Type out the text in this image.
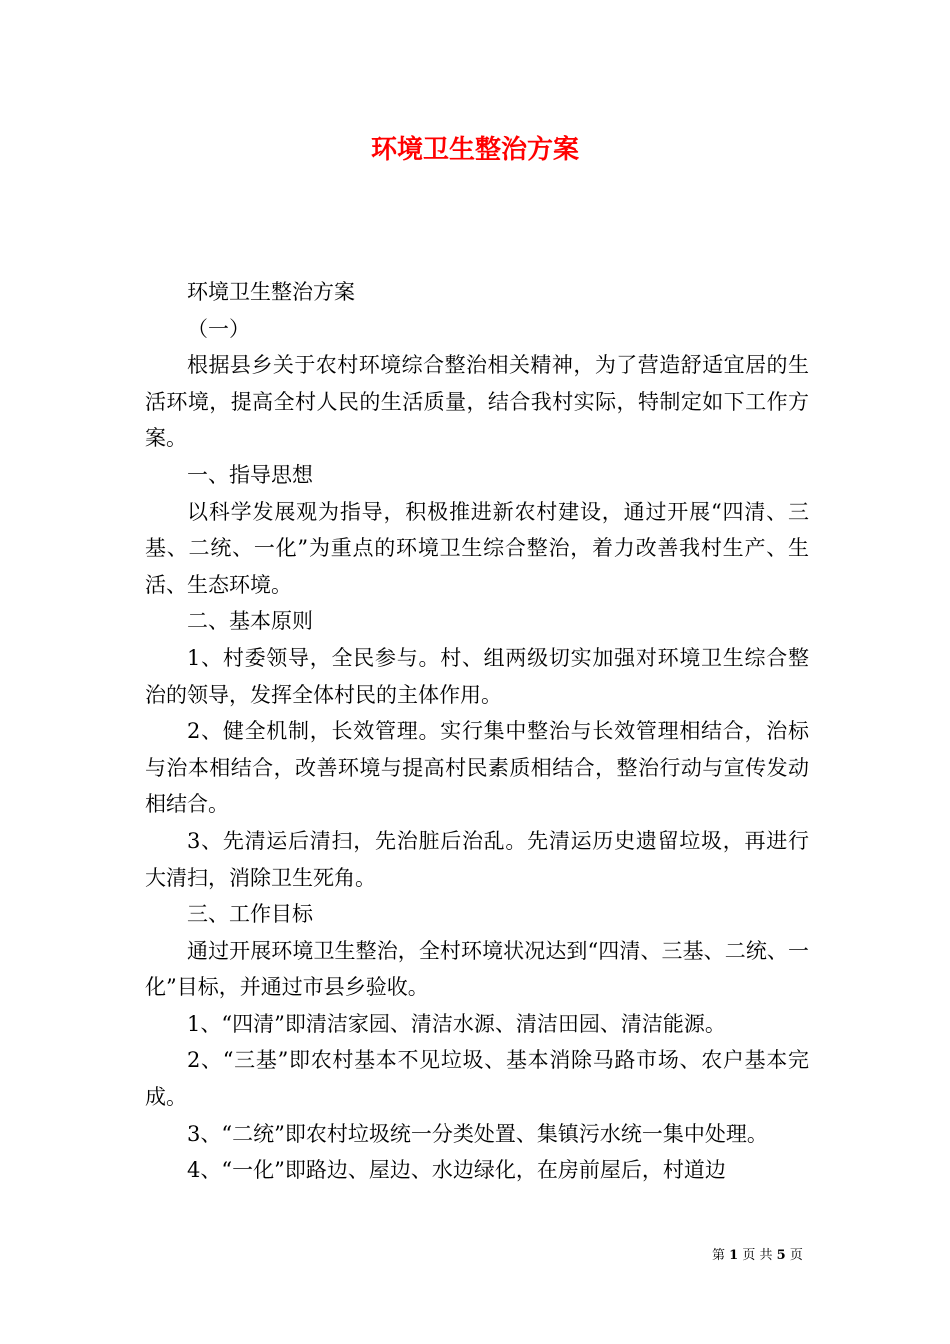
环境卫生整治方案

环境卫生整治方案

（一）

根据县乡关于农村环境综合整治相关精神，为了营造舒适宜居的生活环境，提高全村人民的生活质量，结合我村实际，特制定如下工作方案。

一、指导思想

以科学发展观为指导，积极推进新农村建设，通过开展“四清、三基、二统、一化”为重点的环境卫生综合整治，着力改善我村生产、生活、生态环境。

二、基本原则

1、村委领导，全民参与。村、组两级切实加强对环境卫生综合整治的领导，发挥全体村民的主体作用。

2、健全机制，长效管理。实行集中整治与长效管理相结合，治标与治本相结合，改善环境与提高村民素质相结合，整治行动与宣传发动相结合。

3、先清运后清扫，先治脏后治乱。先清运历史遗留垃圾，再进行大清扫，消除卫生死角。

三、工作目标

通过开展环境卫生整治，全村环境状况达到“四清、三基、二统、一化”目标，并通过市县乡验收。

1、“四清”即清洁家园、清洁水源、清洁田园、清洁能源。

2、“三基”即农村基本不见垃圾、基本消除马路市场、农户基本完成。

3、“二统”即农村垃圾统一分类处置、集镇污水统一集中处理。

4、“一化”即路边、屋边、水边绿化，在房前屋后，村道边

第 1 页 共 5 页
